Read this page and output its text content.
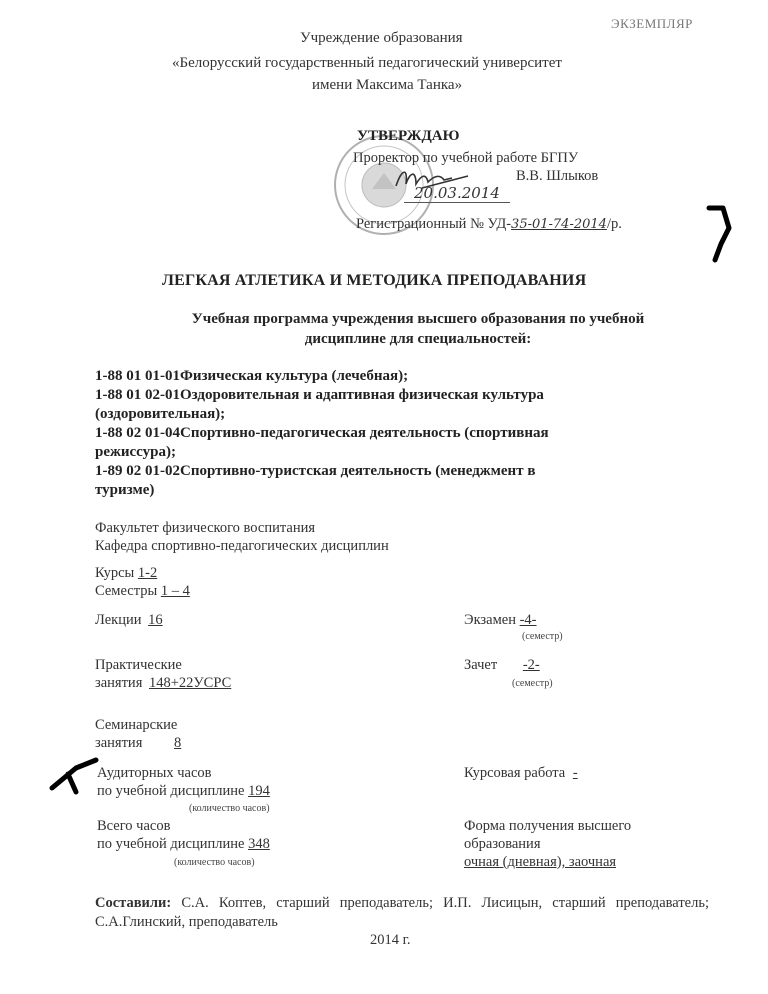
Учреждение образования
«Белорусский государственный педагогический университет
имени Максима Танка»
ЭКЗЕМПЛЯР
УТВЕРЖДАЮ
Проректор по учебной работе БГПУ
В.В. Шлыков
20.03.2014
Регистрационный № УД-35-01-74-2014/р.
ЛЕГКАЯ АТЛЕТИКА И МЕТОДИКА ПРЕПОДАВАНИЯ
Учебная программа учреждения высшего образования по учебной дисциплине для специальностей:
1-88 01 01-01Физическая культура (лечебная);
1-88 01 02-01Оздоровительная и адаптивная физическая культура
(оздоровительная);
1-88 02 01-04Спортивно-педагогическая деятельность (спортивная
режиссура);
1-89 02 01-02Спортивно-туристская деятельность (менеджмент в
туризме)
Факультет физического воспитания
Кафедра спортивно-педагогических дисциплин
Курсы 1-2
Семестры 1 – 4
Лекции 16	Экзамен -4-
(семестр)
Практические
занятия 148+22УСРС
Зачет -2-
(семестр)
Семинарские
занятия 8
Аудиторных часов
по учебной дисциплине 194
(количество часов)
Курсовая работа -
Всего часов
по учебной дисциплине 348
(количество часов)
Форма получения высшего
образования
очная (дневная), заочная
Составили: С.А. Коптев, старший преподаватель; И.П. Лисицын, старший преподаватель; С.А.Глинский, преподаватель
2014 г.
